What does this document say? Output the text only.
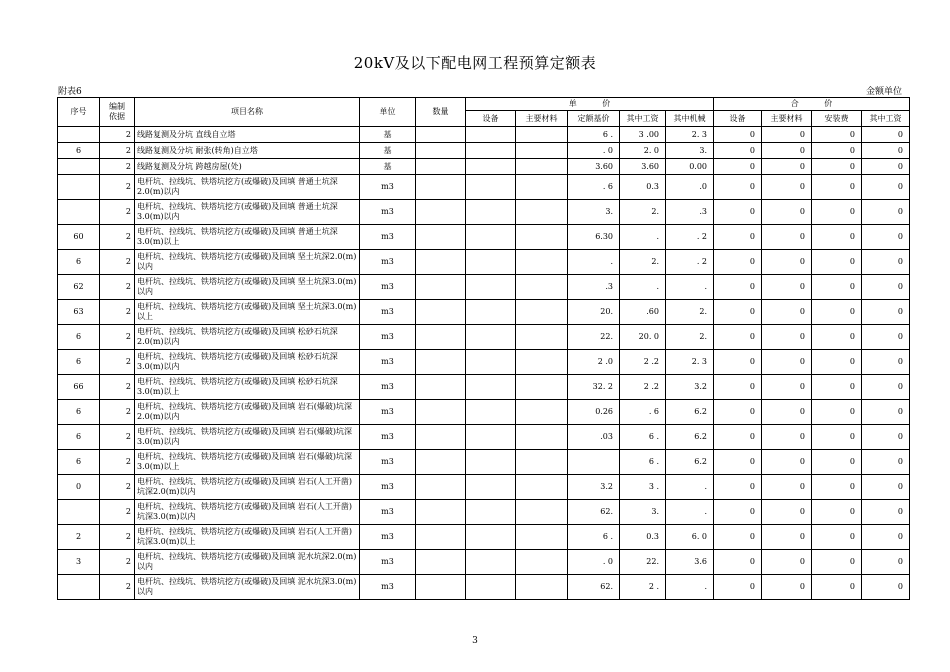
20kV及以下配电网工程预算定额表
附表6	金额单位
序号	编制
依据	项目名称	单位	数量	单          价					合          价			
					设备	主要材料	定额基价	其中工资	其中机械	设备	主要材料	安装费	其中工资
	2	线路复测及分坑 直线自立塔	基				6 .	3 .00	2. 3	0	0	0	0
6	2	线路复测及分坑 耐张(转角)自立塔	基				. 0	2. 0	3.	0	0	0	0
	2	线路复测及分坑 跨越房屋(处)	基				3.60	3.60	0.00	0	0	0	0
	2	电杆坑、拉线坑、铁塔坑挖方(或爆破)及回填 普通土坑深2.0(m)以内	m3				. 6	0.3	.0	0	0	0	0
	2	电杆坑、拉线坑、铁塔坑挖方(或爆破)及回填 普通土坑深3.0(m)以内	m3				3.	2.	.3	0	0	0	0
60	2	电杆坑、拉线坑、铁塔坑挖方(或爆破)及回填 普通土坑深3.0(m)以上	m3				6.30	.	. 2	0	0	0	0
6	2	电杆坑、拉线坑、铁塔坑挖方(或爆破)及回填 坚土坑深2.0(m)以内	m3				.	2.	. 2	0	0	0	0
62	2	电杆坑、拉线坑、铁塔坑挖方(或爆破)及回填 坚土坑深3.0(m)以内	m3				.3	.	.	0	0	0	0
63	2	电杆坑、拉线坑、铁塔坑挖方(或爆破)及回填 坚土坑深3.0(m)以上	m3				20.	.60	2.	0	0	0	0
6	2	电杆坑、拉线坑、铁塔坑挖方(或爆破)及回填 松砂石坑深2.0(m)以内	m3				22.	20. 0	2.	0	0	0	0
6	2	电杆坑、拉线坑、铁塔坑挖方(或爆破)及回填 松砂石坑深3.0(m)以内	m3				2 .0	2 .2	2. 3	0	0	0	0
66	2	电杆坑、拉线坑、铁塔坑挖方(或爆破)及回填 松砂石坑深3.0(m)以上	m3				32. 2	2 .2	3.2	0	0	0	0
6	2	电杆坑、拉线坑、铁塔坑挖方(或爆破)及回填 岩石(爆破)坑深2.0(m)以内	m3				0.26	. 6	6.2	0	0	0	0
6	2	电杆坑、拉线坑、铁塔坑挖方(或爆破)及回填 岩石(爆破)坑深3.0(m)以内	m3				.03	6 .	6.2	0	0	0	0
6	2	电杆坑、拉线坑、铁塔坑挖方(或爆破)及回填 岩石(爆破)坑深3.0(m)以上	m3					6 .	6.2	0	0	0	0
0	2	电杆坑、拉线坑、铁塔坑挖方(或爆破)及回填 岩石(人工开凿)坑深2.0(m)以内	m3				3.2	3 .	.	0	0	0	0
	2	电杆坑、拉线坑、铁塔坑挖方(或爆破)及回填 岩石(人工开凿)坑深3.0(m)以内	m3				62.	3.	.	0	0	0	0
2	2	电杆坑、拉线坑、铁塔坑挖方(或爆破)及回填 岩石(人工开凿)坑深3.0(m)以上	m3				6 .	0.3	6. 0	0	0	0	0
3	2	电杆坑、拉线坑、铁塔坑挖方(或爆破)及回填 泥水坑深2.0(m)以内	m3				. 0	22.	3.6	0	0	0	0
	2	电杆坑、拉线坑、铁塔坑挖方(或爆破)及回填 泥水坑深3.0(m)以内	m3				62.	2 .	.	0	0	0	0
3
